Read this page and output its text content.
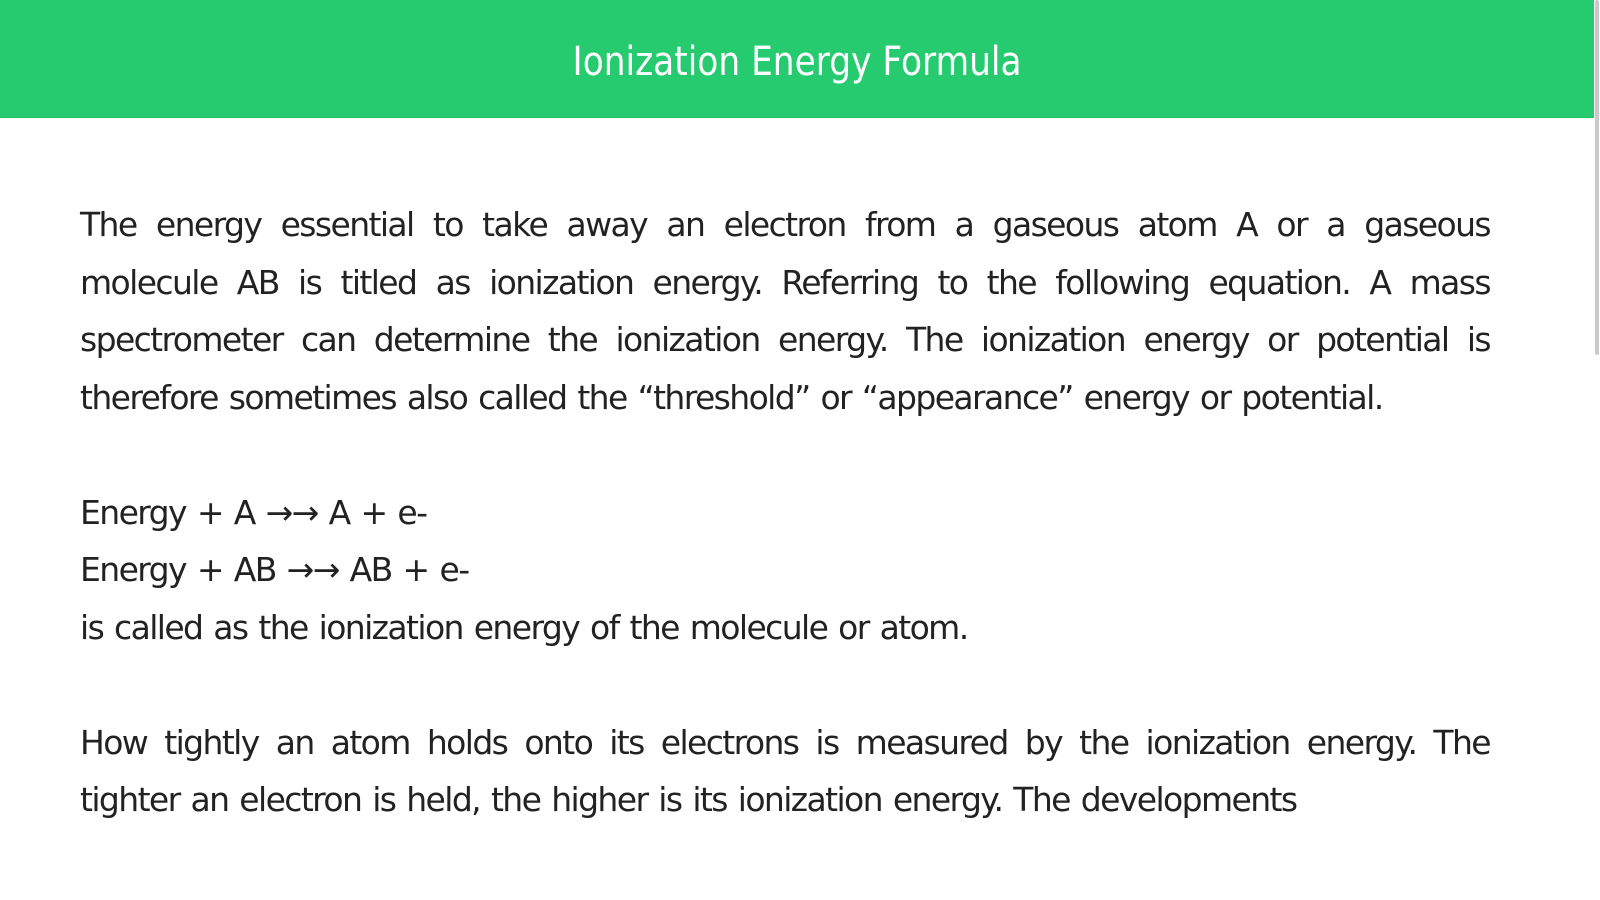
Ionization Energy Formula

The energy essential to take away an electron from a gaseous atom A or a gaseous molecule AB is titled as ionization energy. Referring to the following equation. A mass spectrometer can determine the ionization energy. The ionization energy or potential is therefore sometimes also called the “threshold” or “appearance” energy or potential.

Energy + A →→ A + e-

Energy + AB →→ AB + e-

is called as the ionization energy of the molecule or atom.

How tightly an atom holds onto its electrons is measured by the ionization energy. The tighter an electron is held, the higher is its ionization energy. The developments
